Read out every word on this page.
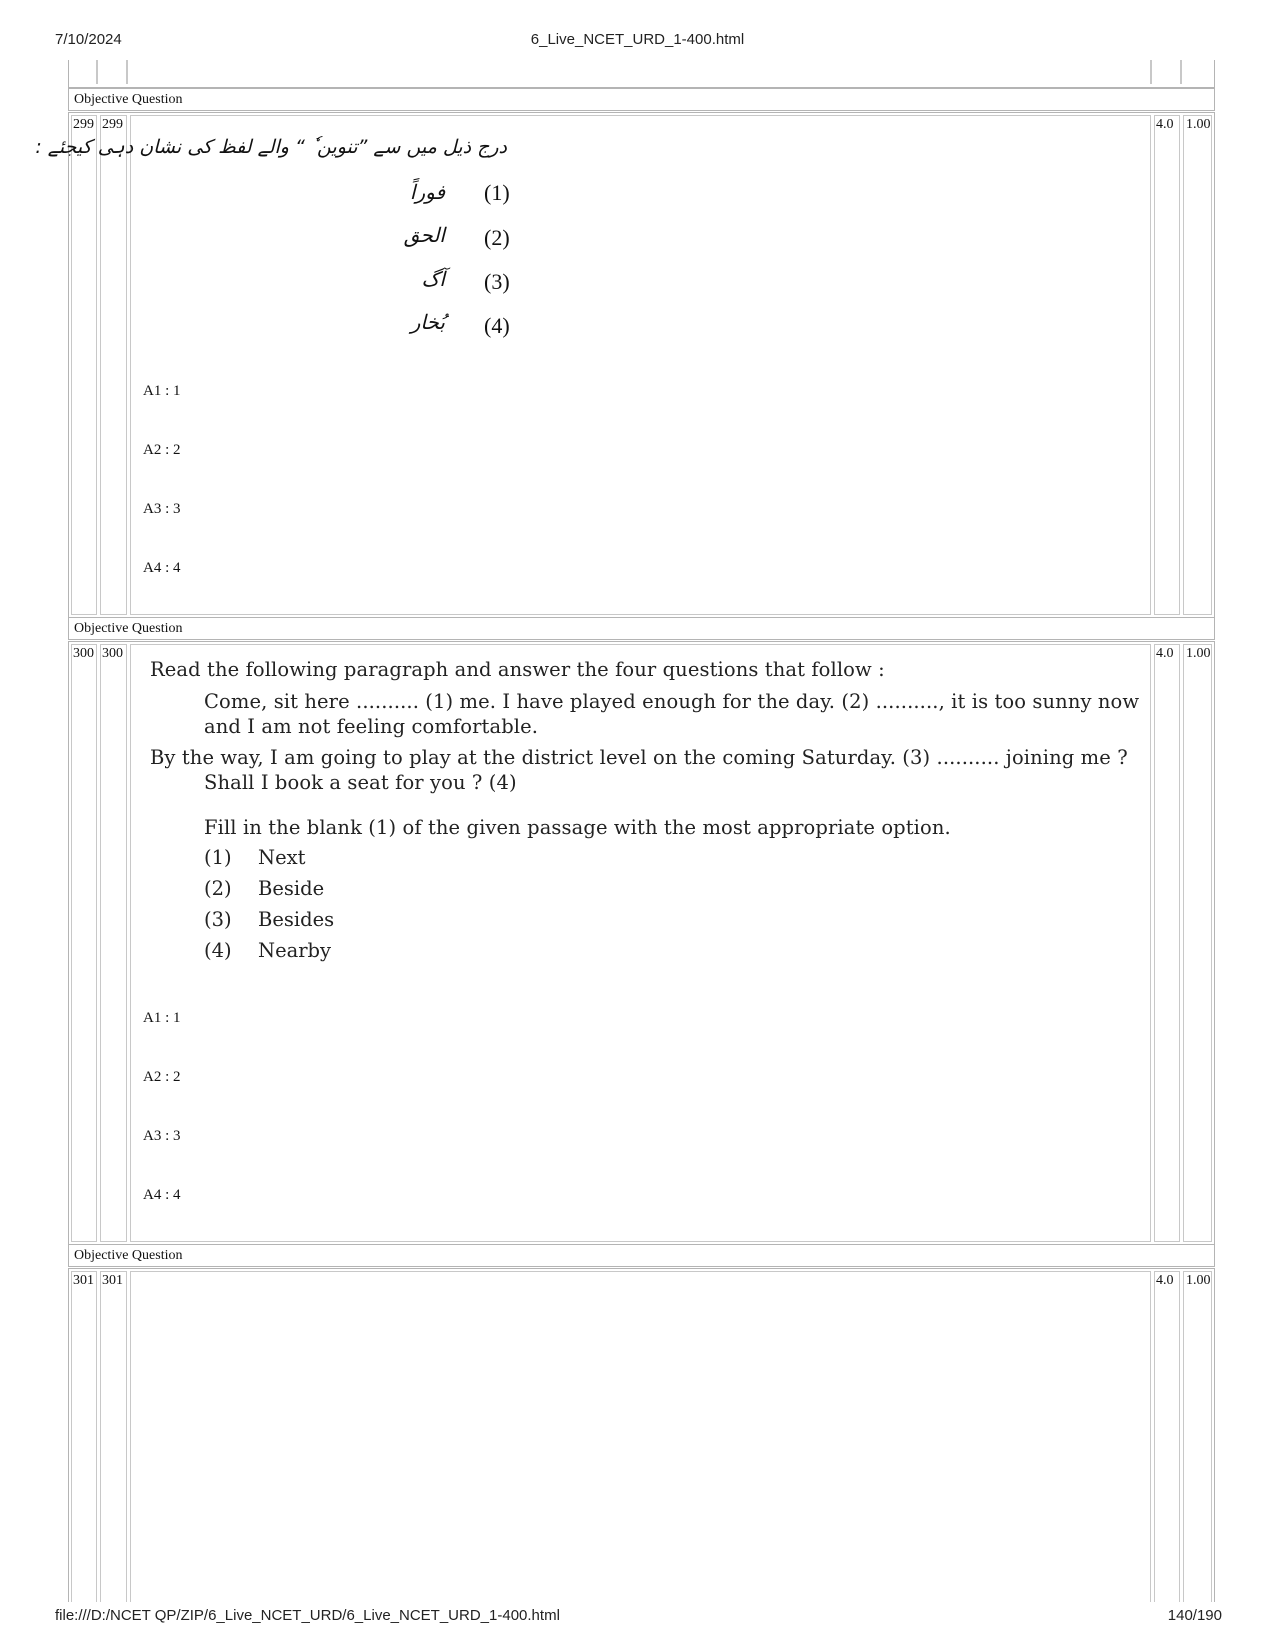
7/10/2024	6_Live_NCET_URD_1-400.html
file:///D:/NCET QP/ZIP/6_Live_NCET_URD/6_Live_NCET_URD_1-400.html	140/190
Objective Question
299 299	4.0 1.00
درج ذیل میں سے ”تنوین ٗ “ والے لفظ کی نشان دہی کیجئے :
(1)
فوراً
(2)
الحق
(3)
آگ
(4)
بُخار
A1 : 1
A2 : 2
A3 : 3
A4 : 4
Objective Question
300 300	4.0 1.00
Read the following paragraph and answer the four questions that follow :
Come, sit here .......... (1) me. I have played enough for the day. (2) .........., it is too sunny now
and I am not feeling comfortable.
By the way, I am going to play at the district level on the coming Saturday. (3) .......... joining me ?
Shall I book a seat for you ? (4)
Fill in the blank (1) of the given passage with the most appropriate option.
(1) Next
(2) Beside
(3) Besides
(4) Nearby
A1 : 1
A2 : 2
A3 : 3
A4 : 4
Objective Question
301 301	4.0 1.00
